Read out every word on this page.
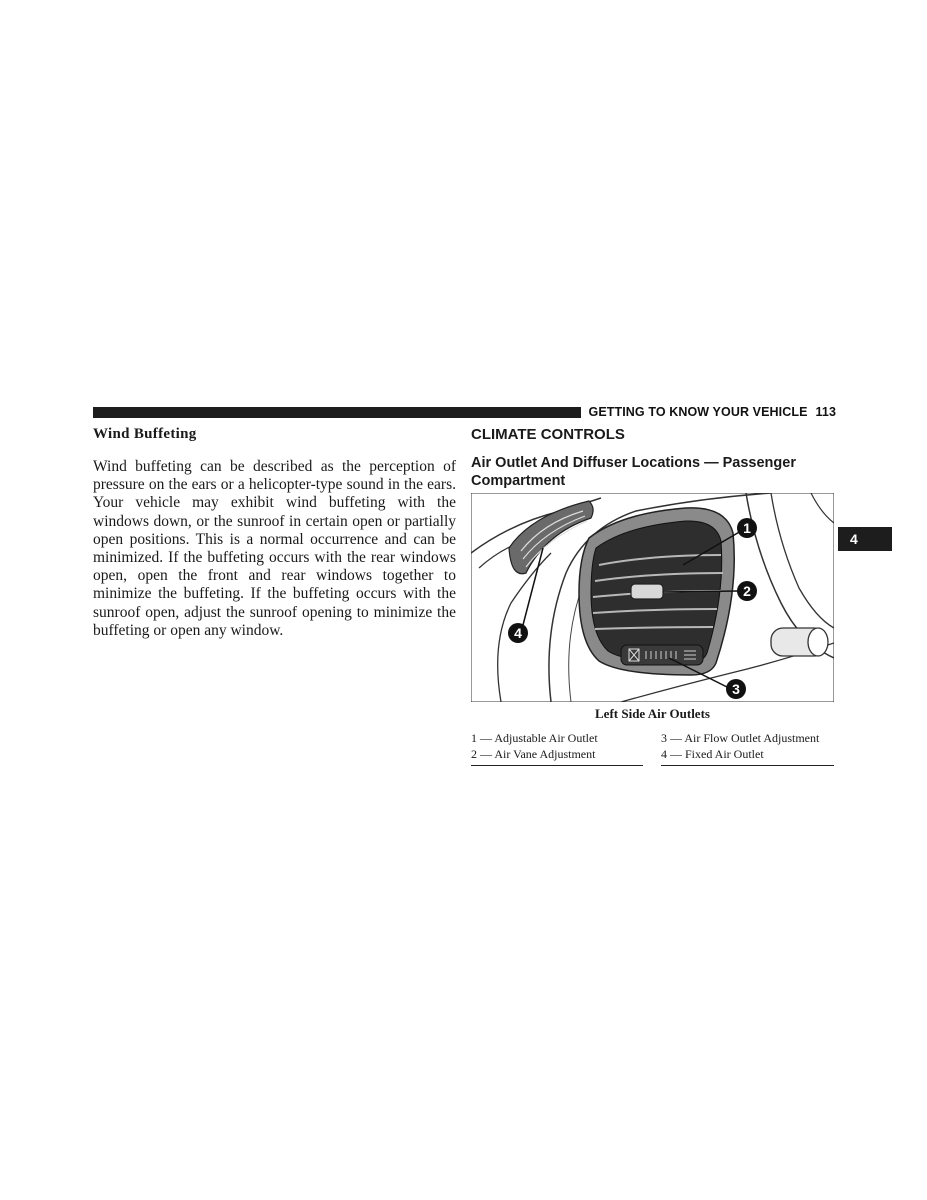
GETTING TO KNOW YOUR VEHICLE 113
4
Wind Buffeting

Wind buffeting can be described as the perception of pressure on the ears or a helicopter-type sound in the ears. Your vehicle may exhibit wind buffeting with the windows down, or the sunroof in certain open or partially open positions. This is a normal occurrence and can be minimized. If the buffeting occurs with the rear windows open, open the front and rear windows together to minimize the buffeting. If the buffeting occurs with the sunroof open, adjust the sunroof opening to minimize the buffeting or open any window.

CLIMATE CONTROLS
Air Outlet And Diffuser Locations — Passenger Compartment
1
2
3
4
Left Side Air Outlets
1 — Adjustable Air Outlet
2 — Air Vane Adjustment
3 — Air Flow Outlet Adjustment
4 — Fixed Air Outlet
